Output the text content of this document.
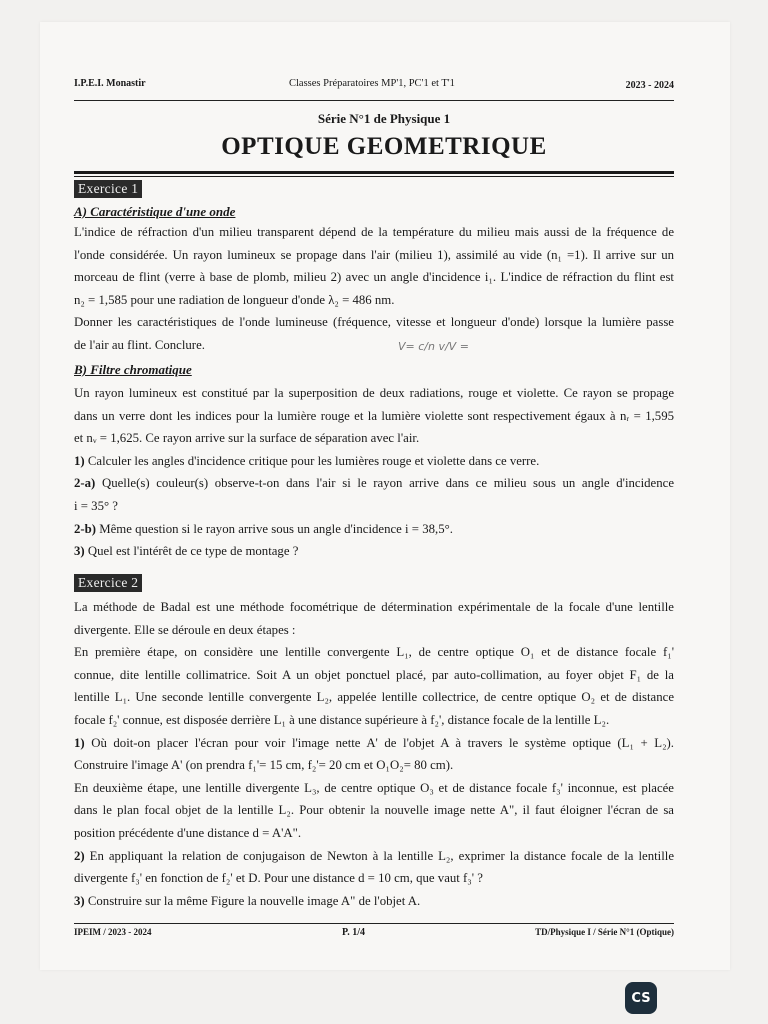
I.P.E.I. Monastir	Classes Préparatoires MP'1, PC'1 et T'1	2023 - 2024
Série N°1 de Physique 1
OPTIQUE GEOMETRIQUE
Exercice 1
A) Caractéristique d'une onde

L'indice de réfraction d'un milieu transparent dépend de la température du milieu mais aussi de la fréquence de

l'onde considérée. Un rayon lumineux se propage dans l'air (milieu 1), assimilé au vide (n₁ =1). Il arrive sur un

morceau de flint (verre à base de plomb, milieu 2) avec un angle d'incidence i₁. L'indice de réfraction du flint est

n₂ = 1,585 pour une radiation de longueur d'onde λ₂ = 486 nm.

Donner les caractéristiques de l'onde lumineuse (fréquence, vitesse et longueur d'onde) lorsque la lumière passe

de l'air au flint. Conclure.	V= c/n v/V =
B) Filtre chromatique

Un rayon lumineux est constitué par la superposition de deux radiations, rouge et violette. Ce rayon se propage

dans un verre dont les indices pour la lumière rouge et la lumière violette sont respectivement égaux à nᵣ = 1,595

et nᵥ = 1,625. Ce rayon arrive sur la surface de séparation avec l'air.

1) Calculer les angles d'incidence critique pour les lumières rouge et violette dans ce verre.

2-a) Quelle(s) couleur(s) observe-t-on dans l'air si le rayon arrive dans ce milieu sous un angle d'incidence

i = 35° ?

2-b) Même question si le rayon arrive sous un angle d'incidence i = 38,5°.

3) Quel est l'intérêt de ce type de montage ?

Exercice 2

La méthode de Badal est une méthode focométrique de détermination expérimentale de la focale d'une lentille

divergente. Elle se déroule en deux étapes :

En première étape, on considère une lentille convergente L₁, de centre optique O₁ et de distance focale f₁'

connue, dite lentille collimatrice. Soit A un objet ponctuel placé, par auto-collimation, au foyer objet F₁ de la

lentille L₁. Une seconde lentille convergente L₂, appelée lentille collectrice, de centre optique O₂ et de distance

focale f₂' connue, est disposée derrière L₁ à une distance supérieure à f₂', distance focale de la lentille L₂.

1) Où doit-on placer l'écran pour voir l'image nette A' de l'objet A à travers le système optique (L₁ + L₂).

Construire l'image A' (on prendra f₁'= 15 cm, f₂'= 20 cm et O₁O₂= 80 cm).

En deuxième étape, une lentille divergente L₃, de centre optique O₃ et de distance focale f₃' inconnue, est placée

dans le plan focal objet de la lentille L₂. Pour obtenir la nouvelle image nette A", il faut éloigner l'écran de sa

position précédente d'une distance d = A'A".

2) En appliquant la relation de conjugaison de Newton à la lentille L₂, exprimer la distance focale de la lentille

divergente f₃' en fonction de f₂' et D. Pour une distance d = 10 cm, que vaut f₃' ?

3) Construire sur la même Figure la nouvelle image A" de l'objet A.

IPEIM / 2023 - 2024	P. 1/4	TD/Physique I / Série N°1 (Optique)
CS
